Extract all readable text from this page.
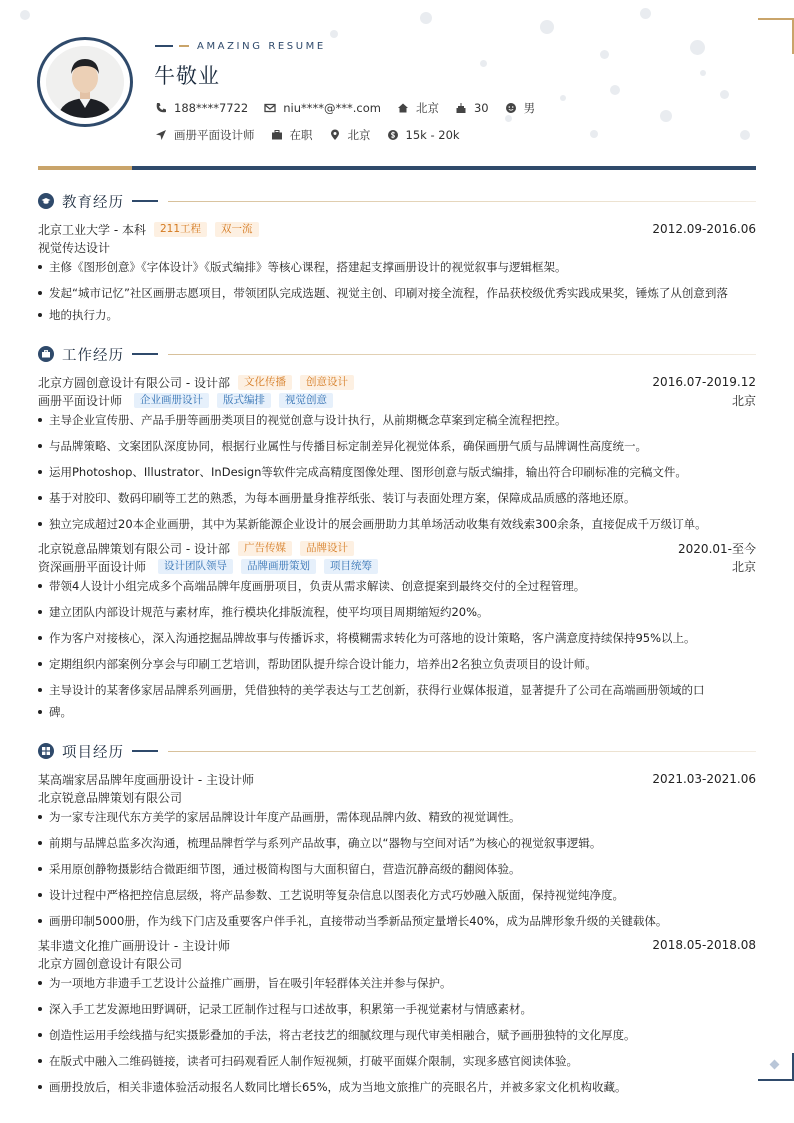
AMAZING RESUME
牛敬业
188****7722	niu****@***.com	北京	30	男
画册平面设计师	在职	北京	15k - 20k
教育经历
北京工业大学 - 本科	211工程	双一流	2012.09-2016.06
视觉传达设计
主修《图形创意》《字体设计》《版式编排》等核心课程，搭建起支撑画册设计的视觉叙事与逻辑框架。
发起“城市记忆”社区画册志愿项目，带领团队完成选题、视觉主创、印刷对接全流程，作品获校级优秀实践成果奖，锤炼了从创意到落
地的执行力。
工作经历
北京方圆创意设计有限公司 - 设计部	文化传播	创意设计	2016.07-2019.12
画册平面设计师	企业画册设计	版式编排	视觉创意	北京
主导企业宣传册、产品手册等画册类项目的视觉创意与设计执行，从前期概念草案到定稿全流程把控。
与品牌策略、文案团队深度协同，根据行业属性与传播目标定制差异化视觉体系，确保画册气质与品牌调性高度统一。
运用Photoshop、Illustrator、InDesign等软件完成高精度图像处理、图形创意与版式编排，输出符合印刷标准的完稿文件。
基于对胶印、数码印刷等工艺的熟悉，为每本画册量身推荐纸张、装订与表面处理方案，保障成品质感的落地还原。
独立完成超过20本企业画册，其中为某新能源企业设计的展会画册助力其单场活动收集有效线索300余条，直接促成千万级订单。
北京锐意品牌策划有限公司 - 设计部	广告传媒	品牌设计	2020.01-至今
资深画册平面设计师	设计团队领导	品牌画册策划	项目统筹	北京
带领4人设计小组完成多个高端品牌年度画册项目，负责从需求解读、创意提案到最终交付的全过程管理。
建立团队内部设计规范与素材库，推行模块化排版流程，使平均项目周期缩短约20%。
作为客户对接核心，深入沟通挖掘品牌故事与传播诉求，将模糊需求转化为可落地的设计策略，客户满意度持续保持95%以上。
定期组织内部案例分享会与印刷工艺培训，帮助团队提升综合设计能力，培养出2名独立负责项目的设计师。
主导设计的某奢侈家居品牌系列画册，凭借独特的美学表达与工艺创新，获得行业媒体报道，显著提升了公司在高端画册领域的口
碑。
项目经历
某高端家居品牌年度画册设计 - 主设计师	2021.03-2021.06
北京锐意品牌策划有限公司
为一家专注现代东方美学的家居品牌设计年度产品画册，需体现品牌内敛、精致的视觉调性。
前期与品牌总监多次沟通，梳理品牌哲学与系列产品故事，确立以“器物与空间对话”为核心的视觉叙事逻辑。
采用原创静物摄影结合微距细节图，通过极简构图与大面积留白，营造沉静高级的翻阅体验。
设计过程中严格把控信息层级，将产品参数、工艺说明等复杂信息以图表化方式巧妙融入版面，保持视觉纯净度。
画册印制5000册，作为线下门店及重要客户伴手礼，直接带动当季新品预定量增长40%，成为品牌形象升级的关键载体。
某非遗文化推广画册设计 - 主设计师	2018.05-2018.08
北京方圆创意设计有限公司
为一项地方非遗手工艺设计公益推广画册，旨在吸引年轻群体关注并参与保护。
深入手工艺发源地田野调研，记录工匠制作过程与口述故事，积累第一手视觉素材与情感素材。
创造性运用手绘线描与纪实摄影叠加的手法，将古老技艺的细腻纹理与现代审美相融合，赋予画册独特的文化厚度。
在版式中融入二维码链接，读者可扫码观看匠人制作短视频，打破平面媒介限制，实现多感官阅读体验。
画册投放后，相关非遗体验活动报名人数同比增长65%，成为当地文旅推广的亮眼名片，并被多家文化机构收藏。
